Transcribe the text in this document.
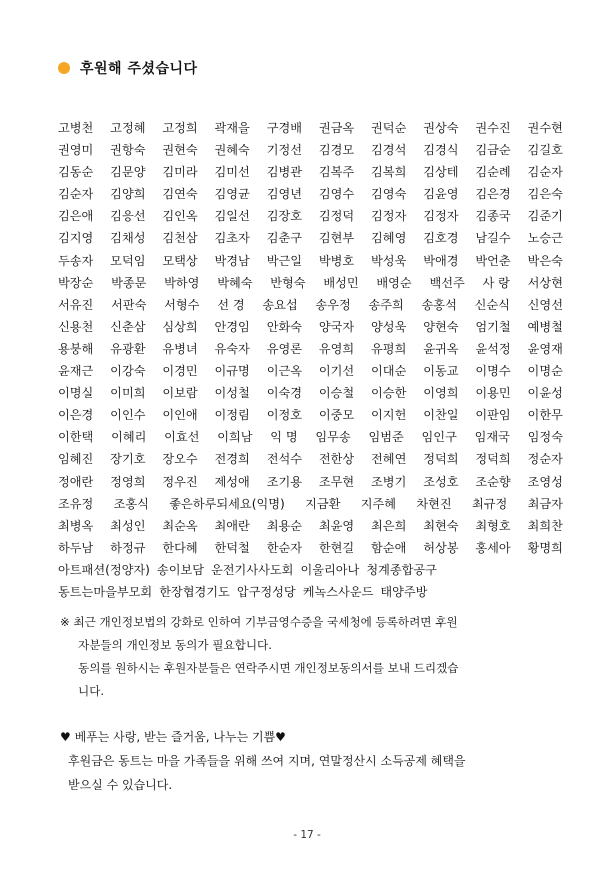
후원해 주셨습니다
고병천 고정혜 고정희 곽재을 구경배 권금옥 권덕순 권상숙 권수진 권수현
권영미 권항숙 권현숙 권혜숙 기정선 김경모 김경석 김경식 김금순 김길호
김동순 김문양 김미라 김미선 김병관 김복주 김복희 김상테 김순례 김순자
김순자 김양희 김연숙 김영균 김영년 김영수 김영숙 김윤영 김은경 김은숙
김은애 김응선 김인옥 김일선 김장호 김정덕 김정자 김정자 김종국 김준기
김지영 김채성 김천삼 김초자 김춘구 김현부 김혜영 김호경 남길수 노승근
두송자 모덕임 모택상 박경남 박근일 박병호 박성욱 박애경 박언춘 박은숙
박장순 박종문 박하영 박혜숙 반형숙 배성민 배영순 백선주 사 랑 서상현
서유진 서판숙 서형수 선 경 송요섭 송우정 송주희 송홍석 신순식 신영선
신용천 신춘삼 심상희 안경임 안화숙 양국자 양성욱 양현숙 엄기철 예병철
용붕해 유광환 유병녀 유숙자 유영론 유영희 유평희 윤귀옥 윤석정 윤영재
윤재근 이강숙 이경민 이규명 이근옥 이기선 이대순 이동교 이명수 이명순
이명실 이미희 이보람 이성철 이숙경 이승철 이승한 이영희 이용민 이윤성
이은경 이인수 이인애 이정림 이정호 이중모 이지헌 이찬일 이판임 이한무
이한택 이혜리 이효선 이희남 익 명 임무송 임범준 임인구 임재국 임정숙
임혜진 장기호 장오수 전경희 전석수 전한상 전혜연 정덕희 정덕희 정순자
정애란 정영희 정우진 제성애 조기용 조무현 조병기 조성호 조순향 조영성
조유정 조홍식 좋은하루되세요(익명) 지금환 지주혜 차현진 최규정 최금자
최병옥 최성인 최순옥 최애란 최용순 최윤영 최은희 최현숙 최형호 최희찬
하두남 하정규 한다혜 한덕철 한순자 한현길 함순애 허상봉 홍세아 황명희
아트패션(정양자) 송이보담 운전기사사도회 이울리아나 청계종합공구
동트는마을부모회 한장협경기도 압구정성당 케녹스사운드 태양주방
※ 최근 개인정보법의 강화로 인하여 기부금영수증을 국세청에 등록하려면 후원
자분들의 개인정보 동의가 필요합니다.
동의를 원하시는 후원자분들은 연락주시면 개인정보동의서를 보내 드리겠습
니다.
♥ 베푸는 사랑, 받는 즐거움, 나누는 기쁨♥
후원금은 동트는 마을 가족들을 위해 쓰여 지며, 연말정산시 소득공제 혜택을
받으실 수 있습니다.
- 17 -
